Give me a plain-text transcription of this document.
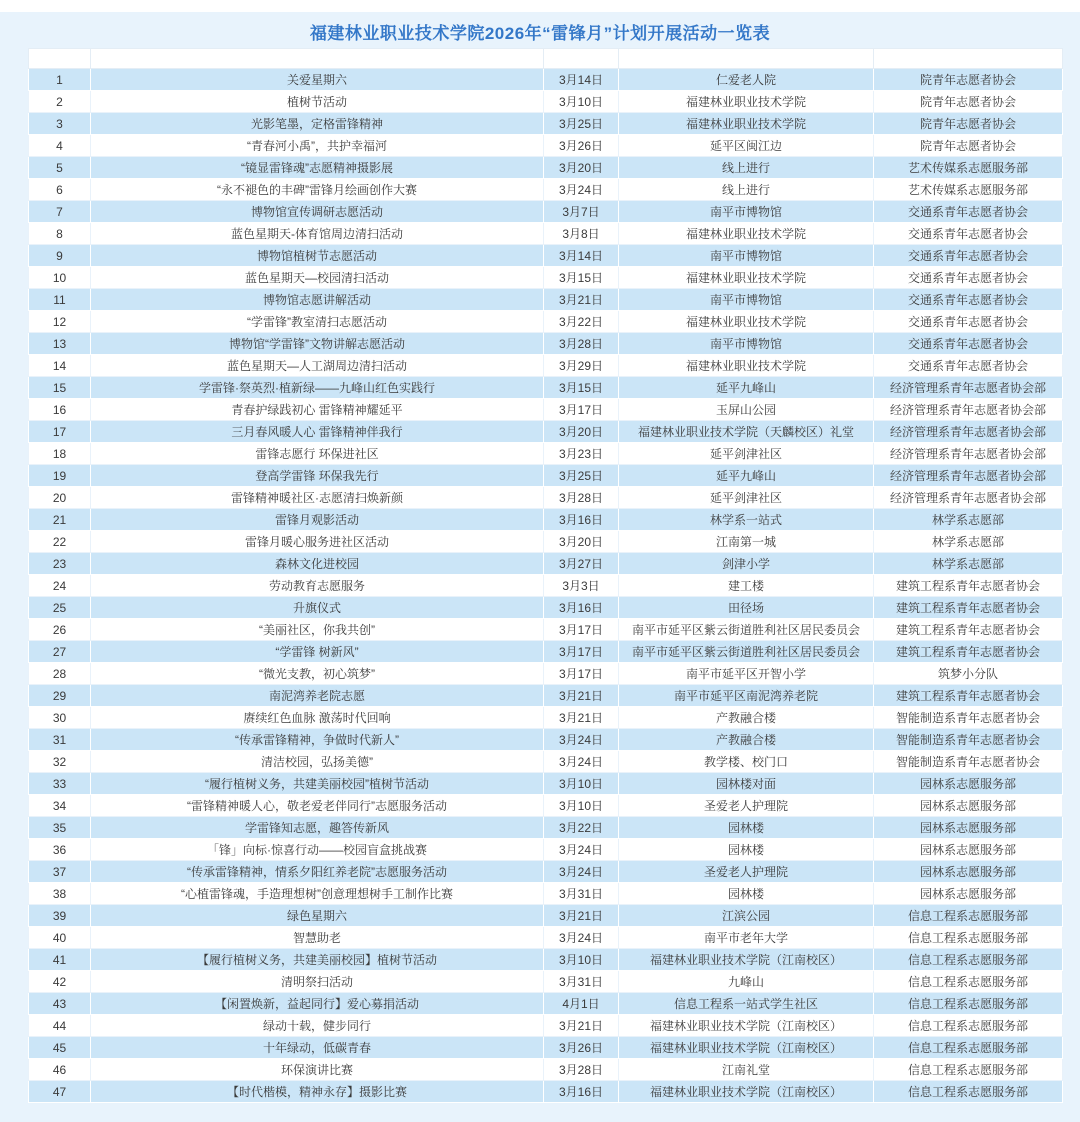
福建林业职业技术学院2026年“雷锋月”计划开展活动一览表

1	关爱星期六	3月14日	仁爱老人院	院青年志愿者协会
2	植树节活动	3月10日	福建林业职业技术学院	院青年志愿者协会
3	光影笔墨，定格雷锋精神	3月25日	福建林业职业技术学院	院青年志愿者协会
4	“青春河小禹”，共护幸福河	3月26日	延平区闽江边	院青年志愿者协会
5	“镜显雷锋魂”志愿精神摄影展	3月20日	线上进行	艺术传媒系志愿服务部
6	“永不褪色的丰碑”雷锋月绘画创作大赛	3月24日	线上进行	艺术传媒系志愿服务部
7	博物馆宣传调研志愿活动	3月7日	南平市博物馆	交通系青年志愿者协会
8	蓝色星期天-体育馆周边清扫活动	3月8日	福建林业职业技术学院	交通系青年志愿者协会
9	博物馆植树节志愿活动	3月14日	南平市博物馆	交通系青年志愿者协会
10	蓝色星期天—校园清扫活动	3月15日	福建林业职业技术学院	交通系青年志愿者协会
11	博物馆志愿讲解活动	3月21日	南平市博物馆	交通系青年志愿者协会
12	“学雷锋”教室清扫志愿活动	3月22日	福建林业职业技术学院	交通系青年志愿者协会
13	博物馆“学雷锋”文物讲解志愿活动	3月28日	南平市博物馆	交通系青年志愿者协会
14	蓝色星期天—人工湖周边清扫活动	3月29日	福建林业职业技术学院	交通系青年志愿者协会
15	学雷锋·祭英烈·植新绿——九峰山红色实践行	3月15日	延平九峰山	经济管理系青年志愿者协会部
16	青春护绿践初心 雷锋精神耀延平	3月17日	玉屏山公园	经济管理系青年志愿者协会部
17	三月春风暖人心 雷锋精神伴我行	3月20日	福建林业职业技术学院（天麟校区）礼堂	经济管理系青年志愿者协会部
18	雷锋志愿行 环保进社区	3月23日	延平剑津社区	经济管理系青年志愿者协会部
19	登高学雷锋 环保我先行	3月25日	延平九峰山	经济管理系青年志愿者协会部
20	雷锋精神暖社区·志愿清扫焕新颜	3月28日	延平剑津社区	经济管理系青年志愿者协会部
21	雷锋月观影活动	3月16日	林学系一站式	林学系志愿部
22	雷锋月暖心服务进社区活动	3月20日	江南第一城	林学系志愿部
23	森林文化进校园	3月27日	剑津小学	林学系志愿部
24	劳动教育志愿服务	3月3日	建工楼	建筑工程系青年志愿者协会
25	升旗仪式	3月16日	田径场	建筑工程系青年志愿者协会
26	“美丽社区，你我共创”	3月17日	南平市延平区紫云街道胜利社区居民委员会	建筑工程系青年志愿者协会
27	“学雷锋 树新风”	3月17日	南平市延平区紫云街道胜利社区居民委员会	建筑工程系青年志愿者协会
28	“微光支教，初心筑梦”	3月17日	南平市延平区开智小学	筑梦小分队
29	南泥湾养老院志愿	3月21日	南平市延平区南泥湾养老院	建筑工程系青年志愿者协会
30	赓续红色血脉 激荡时代回响	3月21日	产教融合楼	智能制造系青年志愿者协会
31	“传承雷锋精神，争做时代新人”	3月24日	产教融合楼	智能制造系青年志愿者协会
32	清洁校园，弘扬美德”	3月24日	教学楼、校门口	智能制造系青年志愿者协会
33	“履行植树义务，共建美丽校园”植树节活动	3月10日	园林楼对面	园林系志愿服务部
34	“雷锋精神暖人心，敬老爱老伴同行”志愿服务活动	3月10日	圣爱老人护理院	园林系志愿服务部
35	学雷锋知志愿，趣答传新风	3月22日	园林楼	园林系志愿服务部
36	「锋」向标·惊喜行动——校园盲盒挑战赛	3月24日	园林楼	园林系志愿服务部
37	“传承雷锋精神，情系夕阳红养老院”志愿服务活动	3月24日	圣爱老人护理院	园林系志愿服务部
38	“心植雷锋魂，手造理想树”创意理想树手工制作比赛	3月31日	园林楼	园林系志愿服务部
39	绿色星期六	3月21日	江滨公园	信息工程系志愿服务部
40	智慧助老	3月24日	南平市老年大学	信息工程系志愿服务部
41	【履行植树义务，共建美丽校园】植树节活动	3月10日	福建林业职业技术学院（江南校区）	信息工程系志愿服务部
42	清明祭扫活动	3月31日	九峰山	信息工程系志愿服务部
43	【闲置焕新，益起同行】爱心募捐活动	4月1日	信息工程系一站式学生社区	信息工程系志愿服务部
44	绿动十载，健步同行	3月21日	福建林业职业技术学院（江南校区）	信息工程系志愿服务部
45	十年绿动，低碳青春	3月26日	福建林业职业技术学院（江南校区）	信息工程系志愿服务部
46	环保演讲比赛	3月28日	江南礼堂	信息工程系志愿服务部
47	【时代楷模，精神永存】摄影比赛	3月16日	福建林业职业技术学院（江南校区）	信息工程系志愿服务部
